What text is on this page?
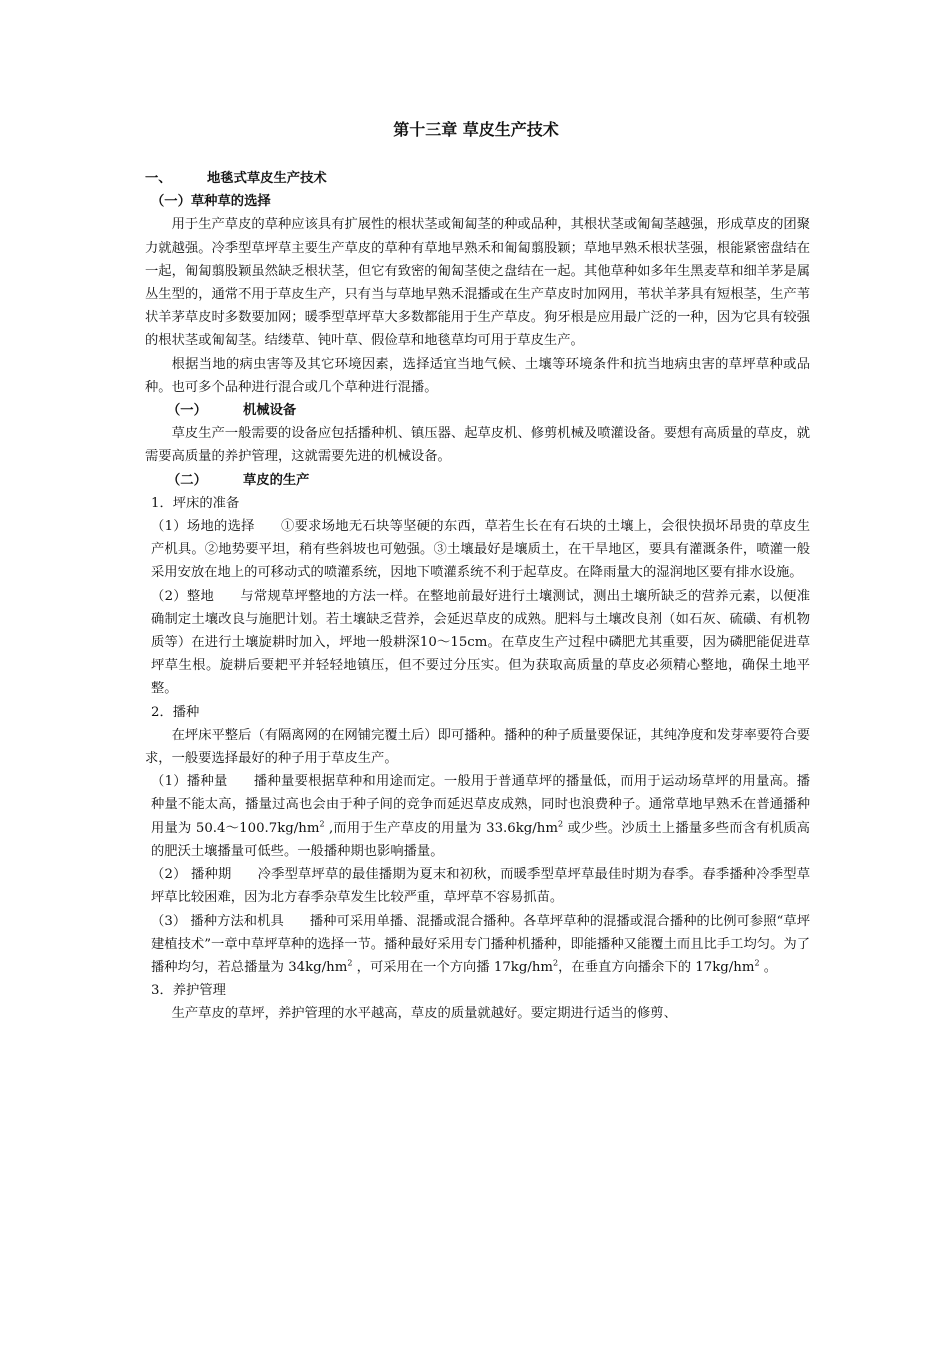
第十三章 草皮生产技术

一、	地毯式草皮生产技术

（一）草种草的选择

用于生产草皮的草种应该具有扩展性的根状茎或匍匐茎的种或品种，其根状茎或匍匐茎越强，形成草皮的团聚力就越强。冷季型草坪草主要生产草皮的草种有草地早熟禾和匍匐翦股颖；草地早熟禾根状茎强，根能紧密盘结在一起，匍匐翦股颖虽然缺乏根状茎，但它有致密的匍匐茎使之盘结在一起。其他草种如多年生黑麦草和细羊茅是属丛生型的，通常不用于草皮生产，只有当与草地早熟禾混播或在生产草皮时加网用，苇状羊茅具有短根茎，生产苇状羊茅草皮时多数要加网；暖季型草坪草大多数都能用于生产草皮。狗牙根是应用最广泛的一种，因为它具有较强的根状茎或匍匐茎。结缕草、钝叶草、假俭草和地毯草均可用于草皮生产。

根据当地的病虫害等及其它环境因素，选择适宜当地气候、土壤等环境条件和抗当地病虫害的草坪草种或品种。也可多个品种进行混合或几个草种进行混播。

（一）	机械设备

草皮生产一般需要的设备应包括播种机、镇压器、起草皮机、修剪机械及喷灌设备。要想有高质量的草皮，就需要高质量的养护管理，这就需要先进的机械设备。

（二）	草皮的生产

1．坪床的准备

（1）场地的选择 ①要求场地无石块等坚硬的东西，草若生长在有石块的土壤上，会很快损坏昂贵的草皮生产机具。②地势要平坦，稍有些斜坡也可勉强。③土壤最好是壤质土，在干旱地区，要具有灌溉条件，喷灌一般采用安放在地上的可移动式的喷灌系统，因地下喷灌系统不利于起草皮。在降雨量大的湿润地区要有排水设施。

（2）整地 与常规草坪整地的方法一样。在整地前最好进行土壤测试，测出土壤所缺乏的营养元素，以便准确制定土壤改良与施肥计划。若土壤缺乏营养，会延迟草皮的成熟。肥料与土壤改良剂（如石灰、硫磺、有机物质等）在进行土壤旋耕时加入，坪地一般耕深10～15cm。在草皮生产过程中磷肥尤其重要，因为磷肥能促进草坪草生根。旋耕后要耙平并轻轻地镇压，但不要过分压实。但为获取高质量的草皮必须精心整地，确保土地平整。

2．播种

在坪床平整后（有隔离网的在网铺完覆土后）即可播种。播种的种子质量要保证，其纯净度和发芽率要符合要求，一般要选择最好的种子用于草皮生产。

（1）播种量 播种量要根据草种和用途而定。一般用于普通草坪的播量低，而用于运动场草坪的用量高。播种量不能太高，播量过高也会由于种子间的竞争而延迟草皮成熟，同时也浪费种子。通常草地早熟禾在普通播种用量为 $50.4\sim 100.7kg/hm^2$ ,而用于生产草皮的用量为 $33.6kg/hm^2$ 或少些。沙质土上播量多些而含有机质高的肥沃土壤播量可低些。一般播种期也影响播量。

（2） 播种期 冷季型草坪草的最佳播期为夏末和初秋，而暖季型草坪草最佳时期为春季。春季播种冷季型草坪草比较困难，因为北方春季杂草发生比较严重，草坪草不容易抓苗。

（3） 播种方法和机具 播种可采用单播、混播或混合播种。各草坪草种的混播或混合播种的比例可参照“草坪建植技术”一章中草坪草种的选择一节。播种最好采用专门播种机播种，即能播种又能覆土而且比手工均匀。为了播种均匀，若总播量为 $34kg/hm^2$ ，可采用在一个方向播 $17kg/hm^2$，在垂直方向播余下的 $17kg/hm^2$ 。

3．养护管理

生产草皮的草坪，养护管理的水平越高，草皮的质量就越好。要定期进行适当的修剪、
